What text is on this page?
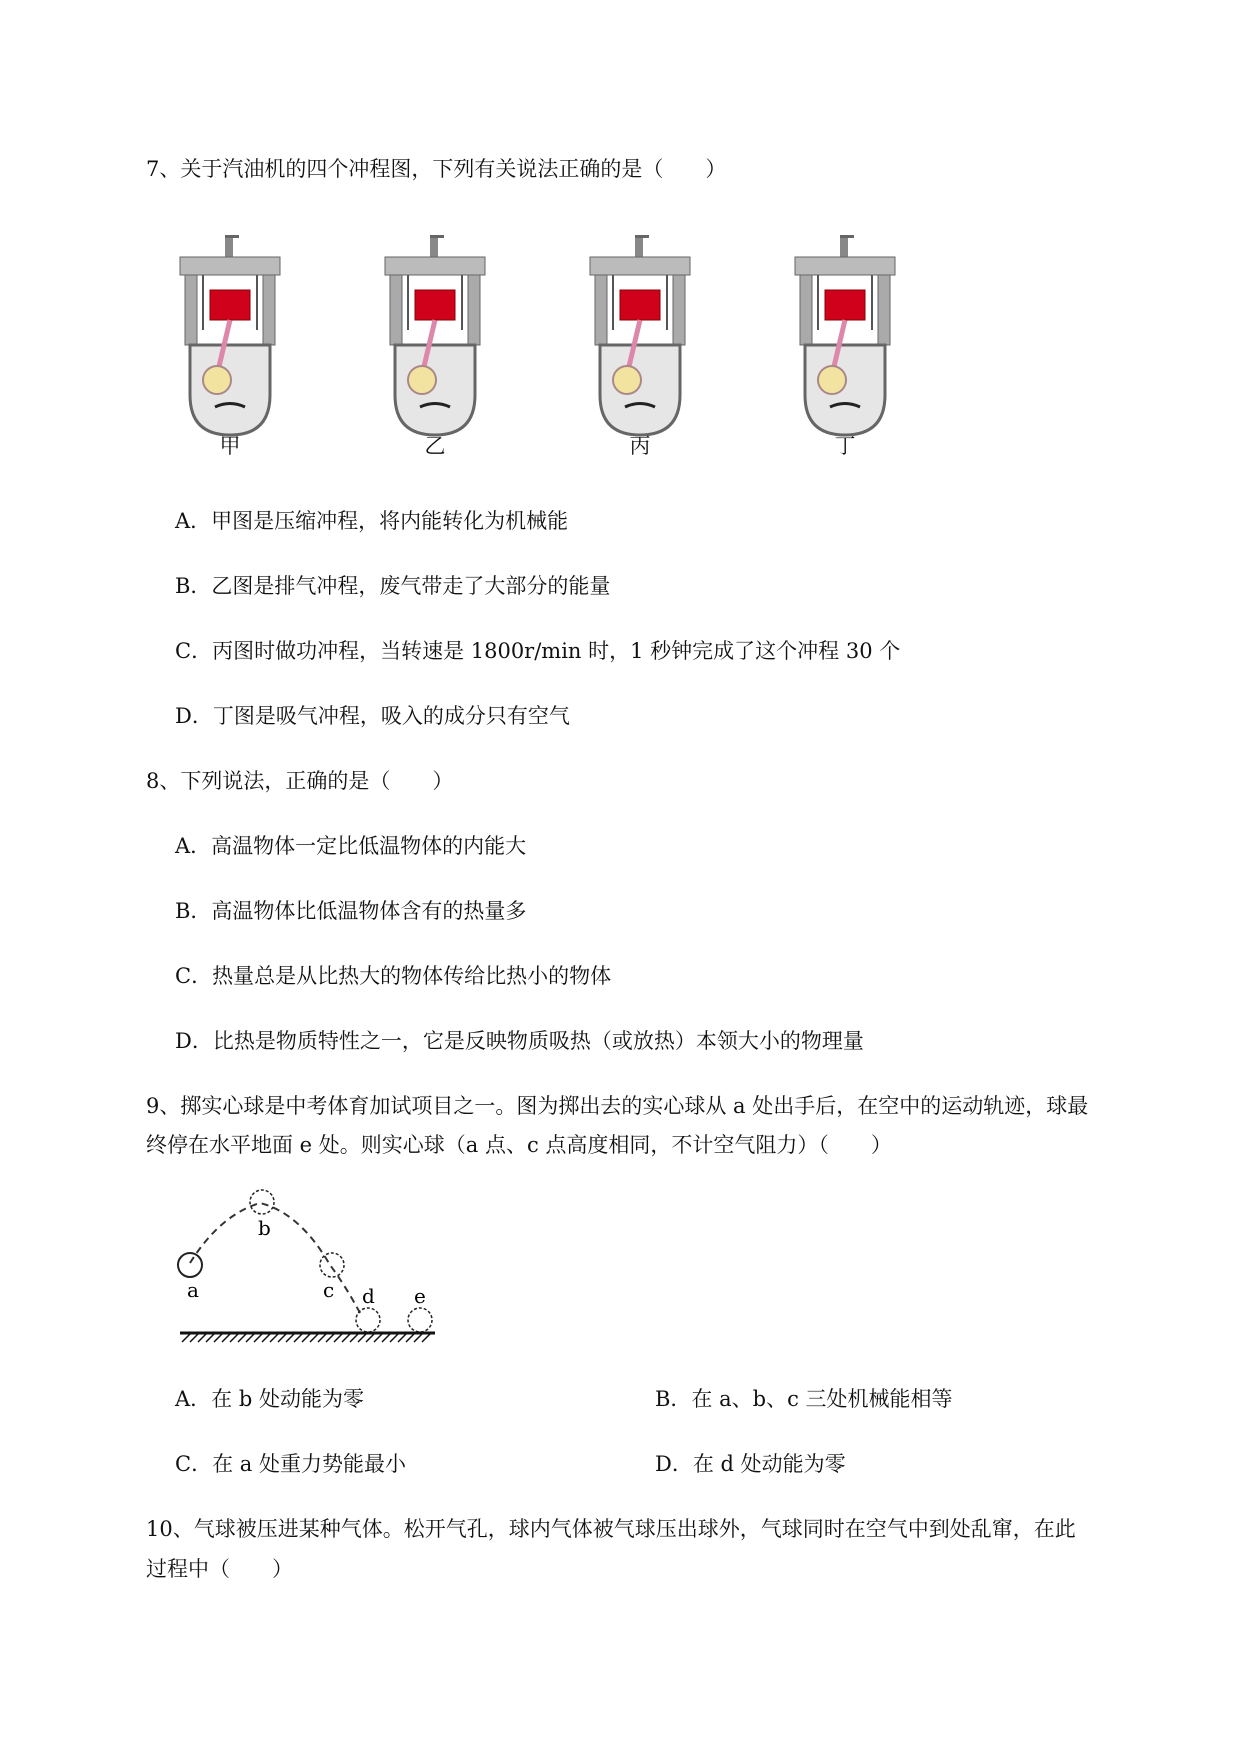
7、关于汽油机的四个冲程图，下列有关说法正确的是（　　）
甲	乙	丙	丁
A．甲图是压缩冲程，将内能转化为机械能
B．乙图是排气冲程，废气带走了大部分的能量
C．丙图时做功冲程，当转速是 1800r/min 时，1 秒钟完成了这个冲程 30 个
D．丁图是吸气冲程，吸入的成分只有空气
8、下列说法，正确的是（　　）
A．高温物体一定比低温物体的内能大
B．高温物体比低温物体含有的热量多
C．热量总是从比热大的物体传给比热小的物体
D．比热是物质特性之一，它是反映物质吸热（或放热）本领大小的物理量
9、掷实心球是中考体育加试项目之一。图为掷出去的实心球从 a 处出手后，在空中的运动轨迹，球最
终停在水平地面 e 处。则实心球（a 点、c 点高度相同，不计空气阻力）（　　）
a
b
c d e
A．在 b 处动能为零	B．在 a、b、c 三处机械能相等
C．在 a 处重力势能最小	D．在 d 处动能为零
10、气球被压进某种气体。松开气孔，球内气体被气球压出球外，气球同时在空气中到处乱窜，在此
过程中（　　）
